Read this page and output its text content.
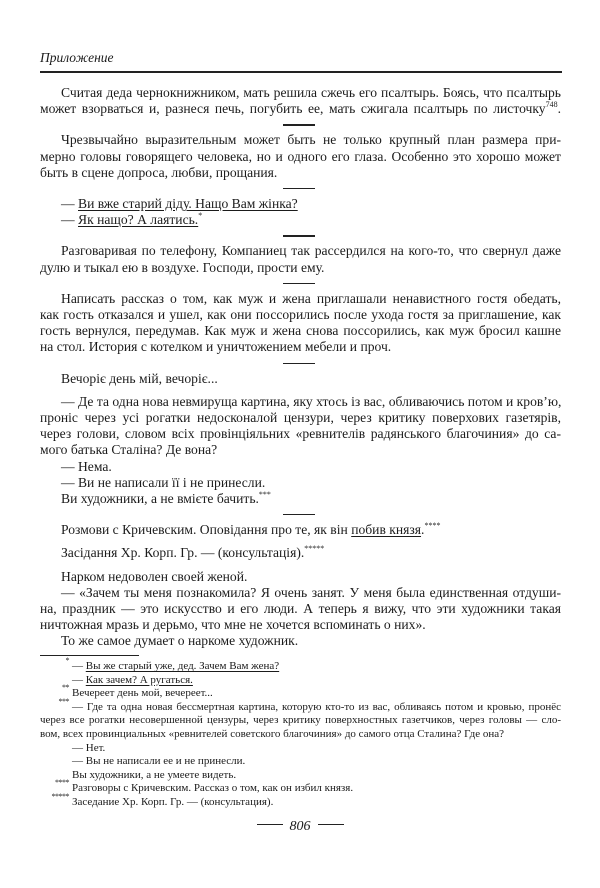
Приложение
Считая деда чернокнижником, мать решила сжечь его псалтырь. Боясь, что псалтырь
может взорваться и, разнеся печь, погубить ее, мать сжигала псалтырь по листочку$^{748}$.
Чрезвычайно выразительным может быть не только крупный план размера при-
мерно головы говорящего человека, но и одного его глаза. Особенно это хорошо может
быть в сцене допроса, любви, прощания.
— Ви вже старий діду. Нащо Вам жінка?
— Як нащо? А лаятись.*
Разговаривая по телефону, Компаниец так рассердился на кого-то, что свернул даже
дулю и тыкал ею в воздухе. Господи, прости ему.
Написать рассказ о том, как муж и жена приглашали ненавистного гостя обедать,
как гость отказался и ушел, как они поссорились после ухода гостя за приглашение, как
гость вернулся, передумав. Как муж и жена снова поссорились, как муж бросил кашне
на стол. История с котелком и уничтожением мебели и проч.
Вечоріє день мій, вечоріє...
— Де та одна нова невмируща картина, яку хтось із вас, обливаючись потом и кров’ю,
проніс через усі рогатки недосконалой цензури, через критику поверхових газетярів,
через голови, словом всіх провінціяльних «ревнителів радянського благочиния» до са-
мого батька Сталіна? Де вона?
— Нема.
— Ви не написали її і не принесли.
Ви художники, а не вмієте бачить.***
Розмови с Кричевским. Оповідання про те, як він побив князя.****
Засідання Хр. Корп. Гр. — (консультація).*****
Нарком недоволен своей женой.
— «Зачем ты меня познакомила? Я очень занят. У меня была единственная отдуши-
на, праздник — это искусство и его люди. А теперь я вижу, что эти художники такая
ничтожная мразь и дерьмо, что мне не хочется вспоминать о них».
То же самое думает о наркоме художник.
* — Вы же старый уже, дед. Зачем Вам жена?
— Как зачем? А ругаться.
** Вечереет день мой, вечереет...
*** — Где та одна новая бессмертная картина, которую кто-то из вас, обливаясь потом и кровью, пронёс
через все рогатки несовершенной цензуры, через критику поверхностных газетчиков, через головы — сло-
вом, всех провинциальных «ревнителей советского благочиния» до самого отца Сталина? Где она?
— Нет.
— Вы не написали ее и не принесли.
Вы художники, а не умеете видеть.
**** Разговоры с Кричевским. Рассказ о том, как он избил князя.
***** Заседание Хр. Корп. Гр. — (консультация).
806
